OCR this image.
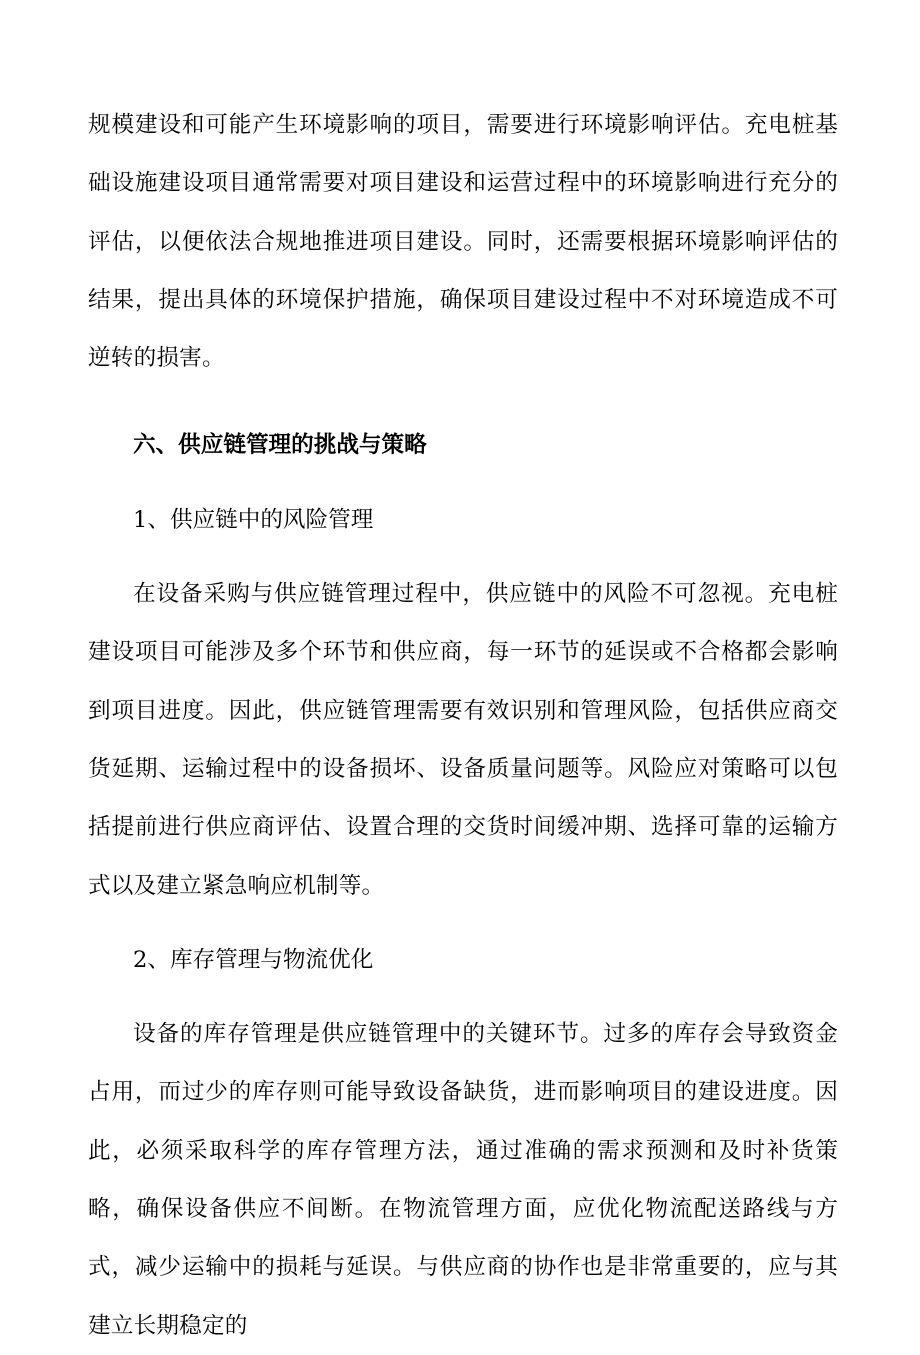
规模建设和可能产生环境影响的项目，需要进行环境影响评估。充电桩基础设施建设项目通常需要对项目建设和运营过程中的环境影响进行充分的评估，以便依法合规地推进项目建设。同时，还需要根据环境影响评估的结果，提出具体的环境保护措施，确保项目建设过程中不对环境造成不可逆转的损害。

六、供应链管理的挑战与策略

1、供应链中的风险管理

在设备采购与供应链管理过程中，供应链中的风险不可忽视。充电桩建设项目可能涉及多个环节和供应商，每一环节的延误或不合格都会影响到项目进度。因此，供应链管理需要有效识别和管理风险，包括供应商交货延期、运输过程中的设备损坏、设备质量问题等。风险应对策略可以包括提前进行供应商评估、设置合理的交货时间缓冲期、选择可靠的运输方式以及建立紧急响应机制等。

2、库存管理与物流优化

设备的库存管理是供应链管理中的关键环节。过多的库存会导致资金占用，而过少的库存则可能导致设备缺货，进而影响项目的建设进度。因此，必须采取科学的库存管理方法，通过准确的需求预测和及时补货策略，确保设备供应不间断。在物流管理方面，应优化物流配送路线与方式，减少运输中的损耗与延误。与供应商的协作也是非常重要的，应与其建立长期稳定的
